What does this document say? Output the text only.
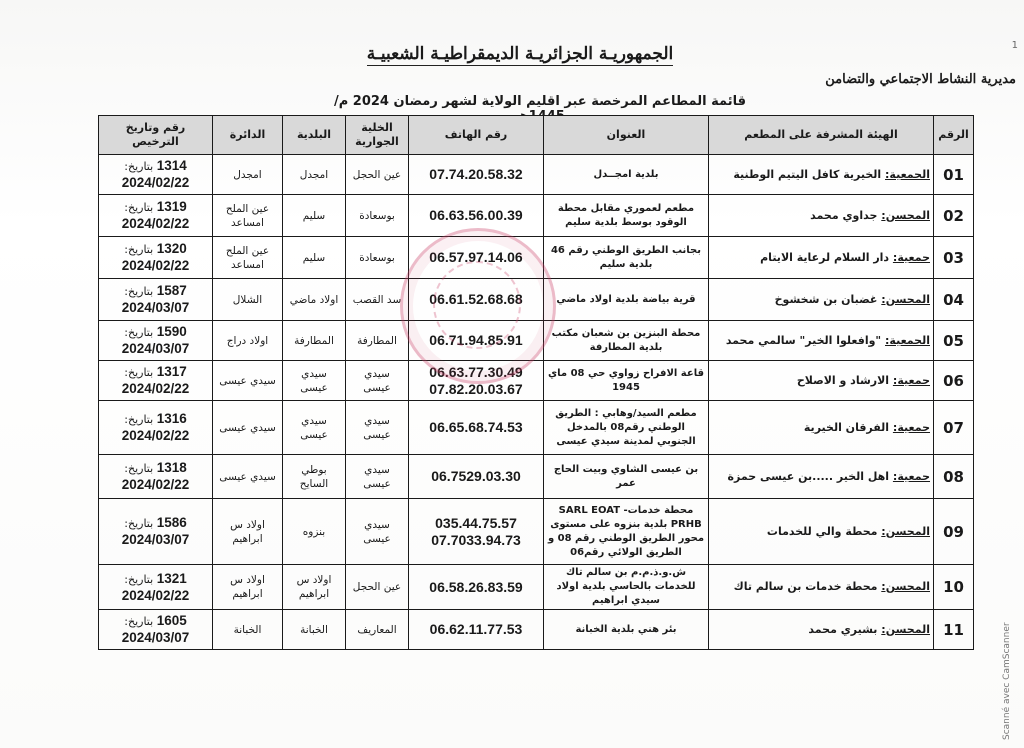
1
الجمهوريـة الجزائريـة الديمقراطيـة الشعبيـة
مديرية النشاط الاجتماعي والتضامن
قائمة المطاعم المرخصة عبر اقليم الولاية لشهر رمضان 2024 م/
الرقم	الهيئة المشرفة على المطعم	العنوان	رقم الهاتف	الخلية الجوارية	البلدية	الدائرة	رقم وتاريخ الترخيص
01	الجمعية: الخيرية كافل اليتيم الوطنية	بلدية امجــدل	07.74.20.58.32	عين الحجل	امجدل	امجدل	1314 بتاريخ:
2024/02/22

02	المحسن: جداوي محمد	مطعم لعموري مقابل محطة الوقود بوسط بلدية سليم	06.63.56.00.39	بوسعادة	سليم	عين الملح امساعد	1319 بتاريخ:
2024/02/22

03	جمعية: دار السلام لرعاية الايتام	بجانب الطريق الوطني رقم 46 بلدية سليم	06.57.97.14.06	بوسعادة	سليم	عين الملح امساعد	1320 بتاريخ:
2024/02/22

04	المحسن: غضبان بن شخشوخ	قرية بياضة بلدية اولاد ماضي	06.61.52.68.68	سد القصب	اولاد ماضي	الشلال	1587 بتاريخ:
2024/03/07

05	الجمعية: "وافعلوا الخير" سالمي محمد	محطة البنزين بن شعبان مكتب بلدية المطارفة	06.71.94.85.91	المطارفة	المطارفة	اولاد دراج	1590 بتاريخ:
2024/03/07

06	جمعية: الارشاد و الاصلاح	قاعة الافراح زواوي حي 08 ماي 1945	06.63.77.30.49
07.82.20.03.67	سيدي عيسى	سيدي عيسى	سيدي عيسى	1317 بتاريخ:
2024/02/22

07	جمعية: الفرقان الخيرية	مطعم السيد/وهابي : الطريق الوطني رقم08 بالمدخل الجنوبي لمدينة سيدي عيسى	06.65.68.74.53	سيدي عيسى	سيدي عيسى	سيدي عيسى	1316 بتاريخ:
2024/02/22

08	جمعية: اهل الخير .....بن عيسى حمزة	بن عيسى الشاوي وبيت الحاج عمر	06.7529.03.30	سيدي عيسى	بوطي السايح	سيدي عيسى	1318 بتاريخ:
2024/02/22

09	المحسن: محطة والي للخدمات	محطة خدمات- SARL EOAT PRHB بلدية بنزوه على مستوى محور الطريق الوطني رقم 08 و الطريق الولائي رقم06	035.44.75.57
07.7033.94.73	سيدي عيسى	بنزوه	اولاد س ابراهيم	1586 بتاريخ:
2024/03/07

10	المحسن: محطة خدمات بن سالم تاك	ش.و.ذ.م.م بن سالم تاك للخدمات بالحاسي بلدية اولاد سيدي ابراهيم	06.58.26.83.59	عين الحجل	اولاد س ابراهيم	اولاد س ابراهيم	1321 بتاريخ:
2024/02/22

11	المحسن: بشيري محمد	بئر هني بلدية الخبانة	06.62.11.77.53	المعاريف	الخبانة	الخبانة	1605 بتاريخ:
2024/03/07	Scanné avec CamScanner
